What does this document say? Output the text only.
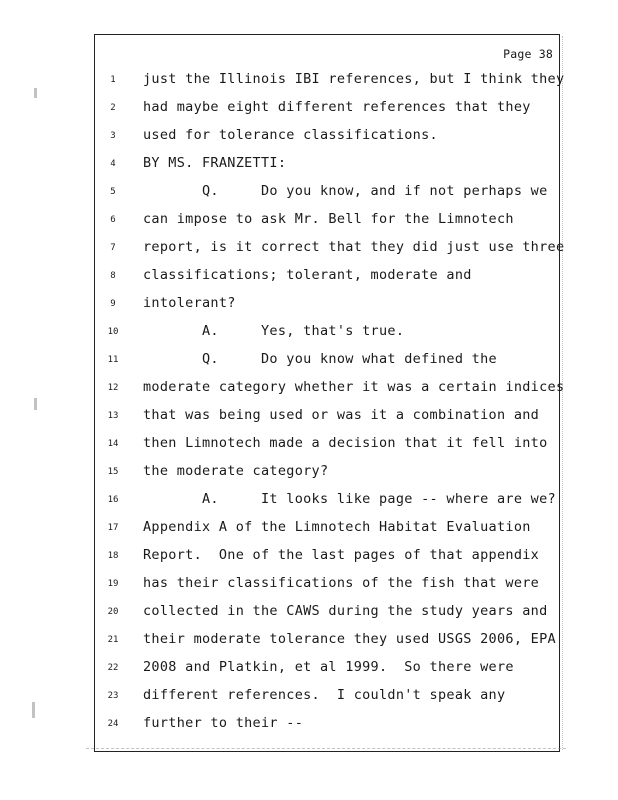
Page 38
1	just the Illinois IBI references, but I think they
2	had maybe eight different references that they
3	used for tolerance classifications.
4	BY MS. FRANZETTI:
5	Q.     Do you know, and if not perhaps we
6	can impose to ask Mr. Bell for the Limnotech
7	report, is it correct that they did just use three
8	classifications; tolerant, moderate and
9	intolerant?
10	A.     Yes, that's true.
11	Q.     Do you know what defined the
12	moderate category whether it was a certain indices
13	that was being used or was it a combination and
14	then Limnotech made a decision that it fell into
15	the moderate category?
16	A.     It looks like page -- where are we?
17	Appendix A of the Limnotech Habitat Evaluation
18	Report.  One of the last pages of that appendix
19	has their classifications of the fish that were
20	collected in the CAWS during the study years and
21	their moderate tolerance they used USGS 2006, EPA
22	2008 and Platkin, et al 1999.  So there were
23	different references.  I couldn't speak any
24	further to their --
